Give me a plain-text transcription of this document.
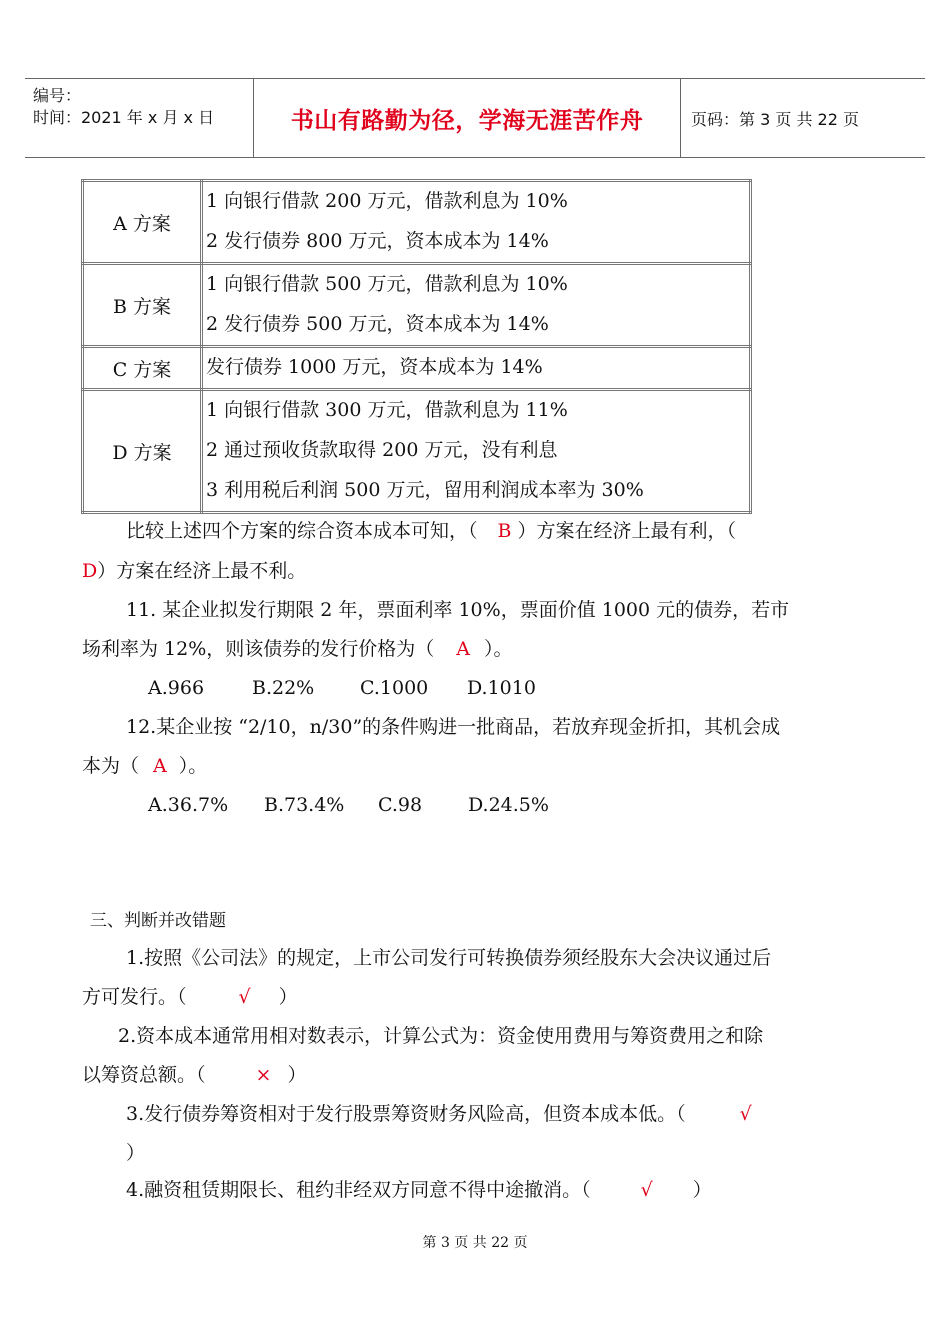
编号：
时间：2021 年 x 月 x 日	书山有路勤为径，学海无涯苦作舟	页码：第 3 页 共 22 页
A 方案	1 向银行借款 200 万元，借款利息为 10%
2 发行债券 800 万元，资本成本为 14%

B 方案	1 向银行借款 500 万元，借款利息为 10%
2 发行债券 500 万元，资本成本为 14%

C 方案	发行债券 1000 万元，资本成本为 14%

D 方案	1 向银行借款 300 万元，借款利息为 11%
2 通过预收货款取得 200 万元，没有利息
3 利用税后利润 500 万元，留用利润成本率为 30%
比较上述四个方案的综合资本成本可知，（ B ）方案在经济上最有利，（
D）方案在经济上最不利。
11. 某企业拟发行期限 2 年，票面利率 10%，票面价值 1000 元的债券，若市
场利率为 12%，则该债券的发行价格为（ A ）。
A.966	B.22% C.1000 D.1010
12.某企业按 “2/10，n/30”的条件购进一批商品，若放弃现金折扣，其机会成
本为（ A ）。
A.36.7% B.73.4% C.98 D.24.5%
三、判断并改错题
1.按照《公司法》的规定，上市公司发行可转换债券须经股东大会决议通过后
方可发行。（	√ ）
2.资本成本通常用相对数表示，计算公式为：资金使用费用与筹资费用之和除
以筹资总额。（	× ）
3.发行债券筹资相对于发行股票筹资财务风险高，但资本成本低。（	√
）
4.融资租赁期限长、租约非经双方同意不得中途撤消。（	√ ）
第 3 页 共 22 页
